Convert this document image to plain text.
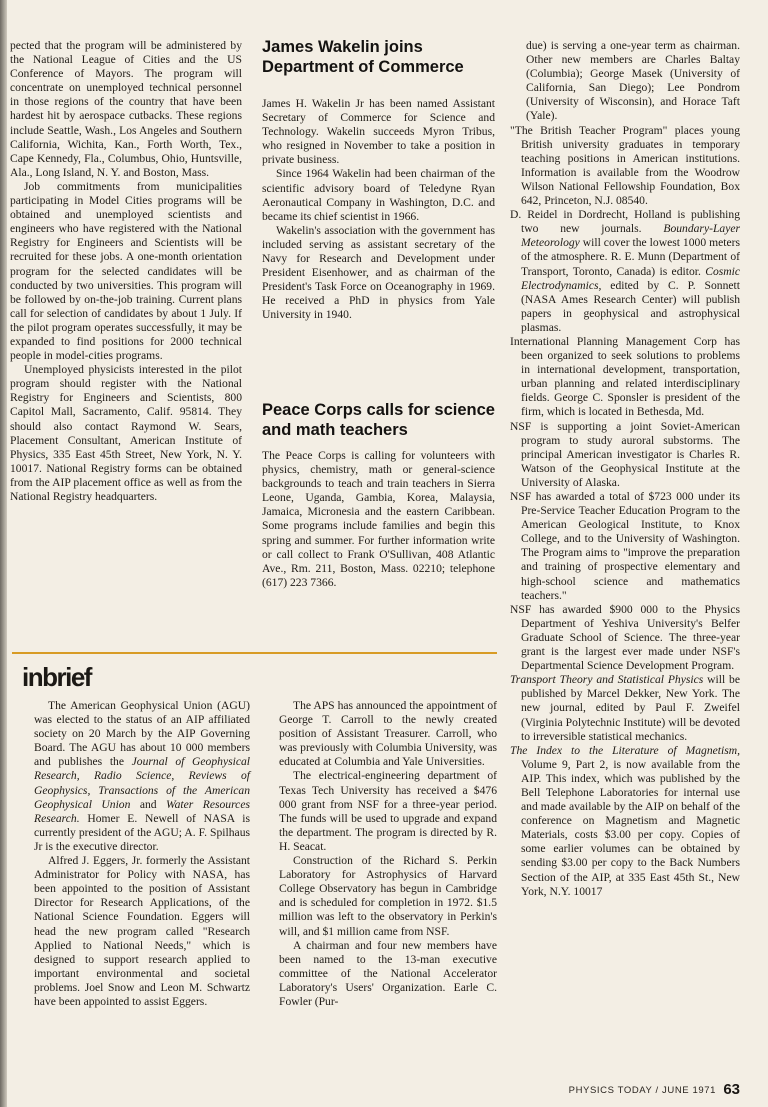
pected that the program will be administered by the National League of Cities and the US Conference of Mayors. The program will concentrate on unemployed technical personnel in those regions of the country that have been hardest hit by aerospace cutbacks. These regions include Seattle, Wash., Los Angeles and Southern California, Wichita, Kan., Forth Worth, Tex., Cape Kennedy, Fla., Columbus, Ohio, Huntsville, Ala., Long Island, N. Y. and Boston, Mass.

Job commitments from municipalities participating in Model Cities programs will be obtained and unemployed scientists and engineers who have registered with the National Registry for Engineers and Scientists will be recruited for these jobs. A one-month orientation program for the selected candidates will be conducted by two universities. This program will be followed by on-the-job training. Current plans call for selection of candidates by about 1 July. If the pilot program operates successfully, it may be expanded to find positions for 2000 technical people in model-cities programs.

Unemployed physicists interested in the pilot program should register with the National Registry for Engineers and Scientists, 800 Capitol Mall, Sacramento, Calif. 95814. They should also contact Raymond W. Sears, Placement Consultant, American Institute of Physics, 335 East 45th Street, New York, N. Y. 10017. National Registry forms can be obtained from the AIP placement office as well as from the National Registry headquarters.

James Wakelin joins Department of Commerce

James H. Wakelin Jr has been named Assistant Secretary of Commerce for Science and Technology. Wakelin succeeds Myron Tribus, who resigned in November to take a position in private business.

Since 1964 Wakelin had been chairman of the scientific advisory board of Teledyne Ryan Aeronautical Company in Washington, D.C. and became its chief scientist in 1966.

Wakelin's association with the government has included serving as assistant secretary of the Navy for Research and Development under President Eisenhower, and as chairman of the President's Task Force on Oceanography in 1969. He received a PhD in physics from Yale University in 1940.

Peace Corps calls for science and math teachers

The Peace Corps is calling for volunteers with physics, chemistry, math or general-science backgrounds to teach and train teachers in Sierra Leone, Uganda, Gambia, Korea, Malaysia, Jamaica, Micronesia and the eastern Caribbean. Some programs include families and begin this spring and summer. For further information write or call collect to Frank O'Sullivan, 408 Atlantic Ave., Rm. 211, Boston, Mass. 02210; telephone (617) 223 7366.

inbrief

The American Geophysical Union (AGU) was elected to the status of an AIP affiliated society on 20 March by the AIP Governing Board. The AGU has about 10 000 members and publishes the Journal of Geophysical Research, Radio Science, Reviews of Geophysics, Transactions of the American Geophysical Union and Water Resources Research. Homer E. Newell of NASA is currently president of the AGU; A. F. Spilhaus Jr is the executive director.

Alfred J. Eggers, Jr. formerly the Assistant Administrator for Policy with NASA, has been appointed to the position of Assistant Director for Research Applications, of the National Science Foundation. Eggers will head the new program called "Research Applied to National Needs," which is designed to support research applied to important environmental and societal problems. Joel Snow and Leon M. Schwartz have been appointed to assist Eggers.

The APS has announced the appointment of George T. Carroll to the newly created position of Assistant Treasurer. Carroll, who was previously with Columbia University, was educated at Columbia and Yale Universities.

The electrical-engineering department of Texas Tech University has received a $476 000 grant from NSF for a three-year period. The funds will be used to upgrade and expand the department. The program is directed by R. H. Seacat.

Construction of the Richard S. Perkin Laboratory for Astrophysics of Harvard College Observatory has begun in Cambridge and is scheduled for completion in 1972. $1.5 million was left to the observatory in Perkin's will, and $1 million came from NSF.

A chairman and four new members have been named to the 13-man executive committee of the National Accelerator Laboratory's Users' Organization. Earle C. Fowler (Pur-

due) is serving a one-year term as chairman. Other new members are Charles Baltay (Columbia); George Masek (University of California, San Diego); Lee Pondrom (University of Wisconsin), and Horace Taft (Yale).

"The British Teacher Program" places young British university graduates in temporary teaching positions in American institutions. Information is available from the Woodrow Wilson National Fellowship Foundation, Box 642, Princeton, N.J. 08540.

D. Reidel in Dordrecht, Holland is publishing two new journals. Boundary-Layer Meteorology will cover the lowest 1000 meters of the atmosphere. R. E. Munn (Department of Transport, Toronto, Canada) is editor. Cosmic Electrodynamics, edited by C. P. Sonnett (NASA Ames Research Center) will publish papers in geophysical and astrophysical plasmas.

International Planning Management Corp has been organized to seek solutions to problems in international development, transportation, urban planning and related interdisciplinary fields. George C. Sponsler is president of the firm, which is located in Bethesda, Md.

NSF is supporting a joint Soviet-American program to study auroral substorms. The principal American investigator is Charles R. Watson of the Geophysical Institute at the University of Alaska.

NSF has awarded a total of $723 000 under its Pre-Service Teacher Education Program to the American Geological Institute, to Knox College, and to the University of Washington. The Program aims to "improve the preparation and training of prospective elementary and high-school science and mathematics teachers."

NSF has awarded $900 000 to the Physics Department of Yeshiva University's Belfer Graduate School of Science. The three-year grant is the largest ever made under NSF's Departmental Science Development Program.

Transport Theory and Statistical Physics will be published by Marcel Dekker, New York. The new journal, edited by Paul F. Zweifel (Virginia Polytechnic Institute) will be devoted to irreversible statistical mechanics.

The Index to the Literature of Magnetism, Volume 9, Part 2, is now available from the AIP. This index, which was published by the Bell Telephone Laboratories for internal use and made available by the AIP on behalf of the conference on Magnetism and Magnetic Materials, costs $3.00 per copy. Copies of some earlier volumes can be obtained by sending $3.00 per copy to the Back Numbers Section of the AIP, at 335 East 45th St., New York, N.Y. 10017

PHYSICS TODAY / JUNE 1971 63
